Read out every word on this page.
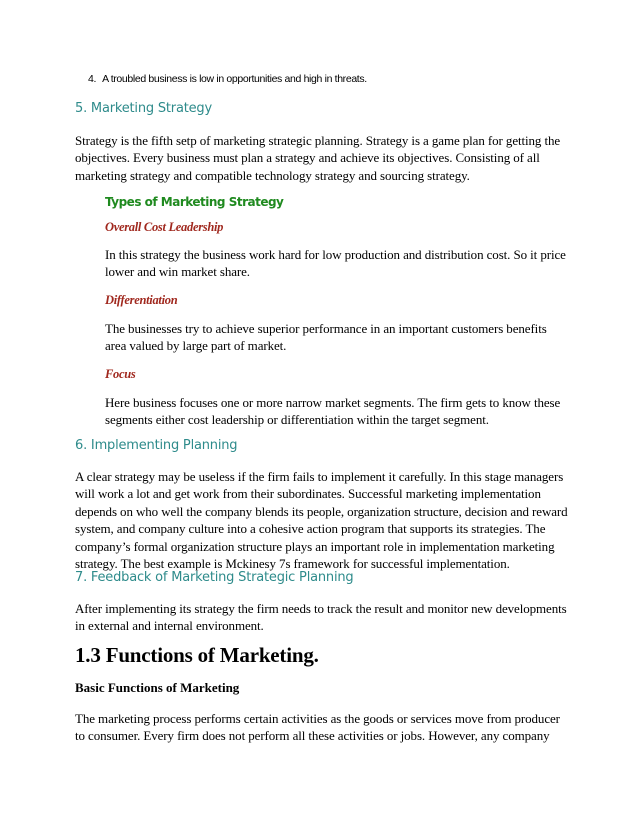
4. A troubled business is low in opportunities and high in threats.
5. Marketing Strategy

Strategy is the fifth setp of marketing strategic planning. Strategy is a game plan for getting the
objectives. Every business must plan a strategy and achieve its objectives. Consisting of all
marketing strategy and compatible technology strategy and sourcing strategy.

Types of Marketing Strategy
Overall Cost Leadership

In this strategy the business work hard for low production and distribution cost. So it price
lower and win market share.

Differentiation

The businesses try to achieve superior performance in an important customers benefits
area valued by large part of market.

Focus

Here business focuses one or more narrow market segments. The firm gets to know these
segments either cost leadership or differentiation within the target segment.

6. Implementing Planning

A clear strategy may be useless if the firm fails to implement it carefully. In this stage managers
will work a lot and get work from their subordinates. Successful marketing implementation
depends on who well the company blends its people, organization structure, decision and reward
system, and company culture into a cohesive action program that supports its strategies. The
company’s formal organization structure plays an important role in implementation marketing
strategy. The best example is Mckinesy 7s framework for successful implementation.

7. Feedback of Marketing Strategic Planning

After implementing its strategy the firm needs to track the result and monitor new developments
in external and internal environment.

1.3 Functions of Marketing.
Basic Functions of Marketing

The marketing process performs certain activities as the goods or services move from producer
to consumer. Every firm does not perform all these activities or jobs. However, any company
